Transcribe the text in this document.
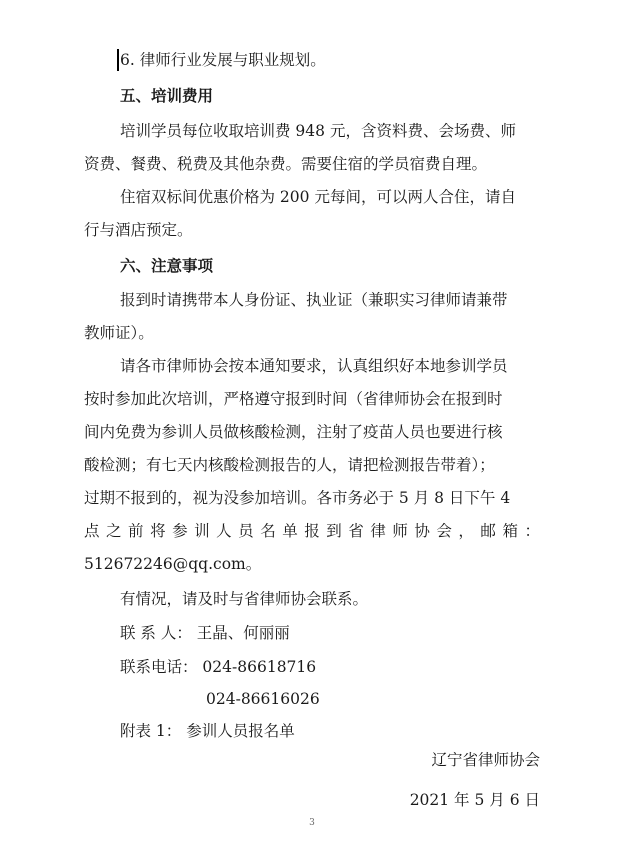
6. 律师行业发展与职业规划。
五、培训费用
培训学员每位收取培训费 948 元，含资料费、会场费、师
资费、餐费、税费及其他杂费。需要住宿的学员宿费自理。
住宿双标间优惠价格为 200 元每间，可以两人合住，请自
行与酒店预定。
六、注意事项
报到时请携带本人身份证、执业证（兼职实习律师请兼带
教师证）。
请各市律师协会按本通知要求，认真组织好本地参训学员
按时参加此次培训，严格遵守报到时间（省律师协会在报到时
间内免费为参训人员做核酸检测，注射了疫苗人员也要进行核
酸检测；有七天内核酸检测报告的人，请把检测报告带着）；
过期不报到的，视为没参加培训。各市务必于 5 月 8 日下午 4
点之前将参训人员名单报到省律师协会，邮箱：
512672246@qq.com。
有情况，请及时与省律师协会联系。
联 系 人： 王晶、何丽丽
联系电话： 024-86618716
024-86616026
附表 1： 参训人员报名单
辽宁省律师协会
2021 年 5 月 6 日
3
